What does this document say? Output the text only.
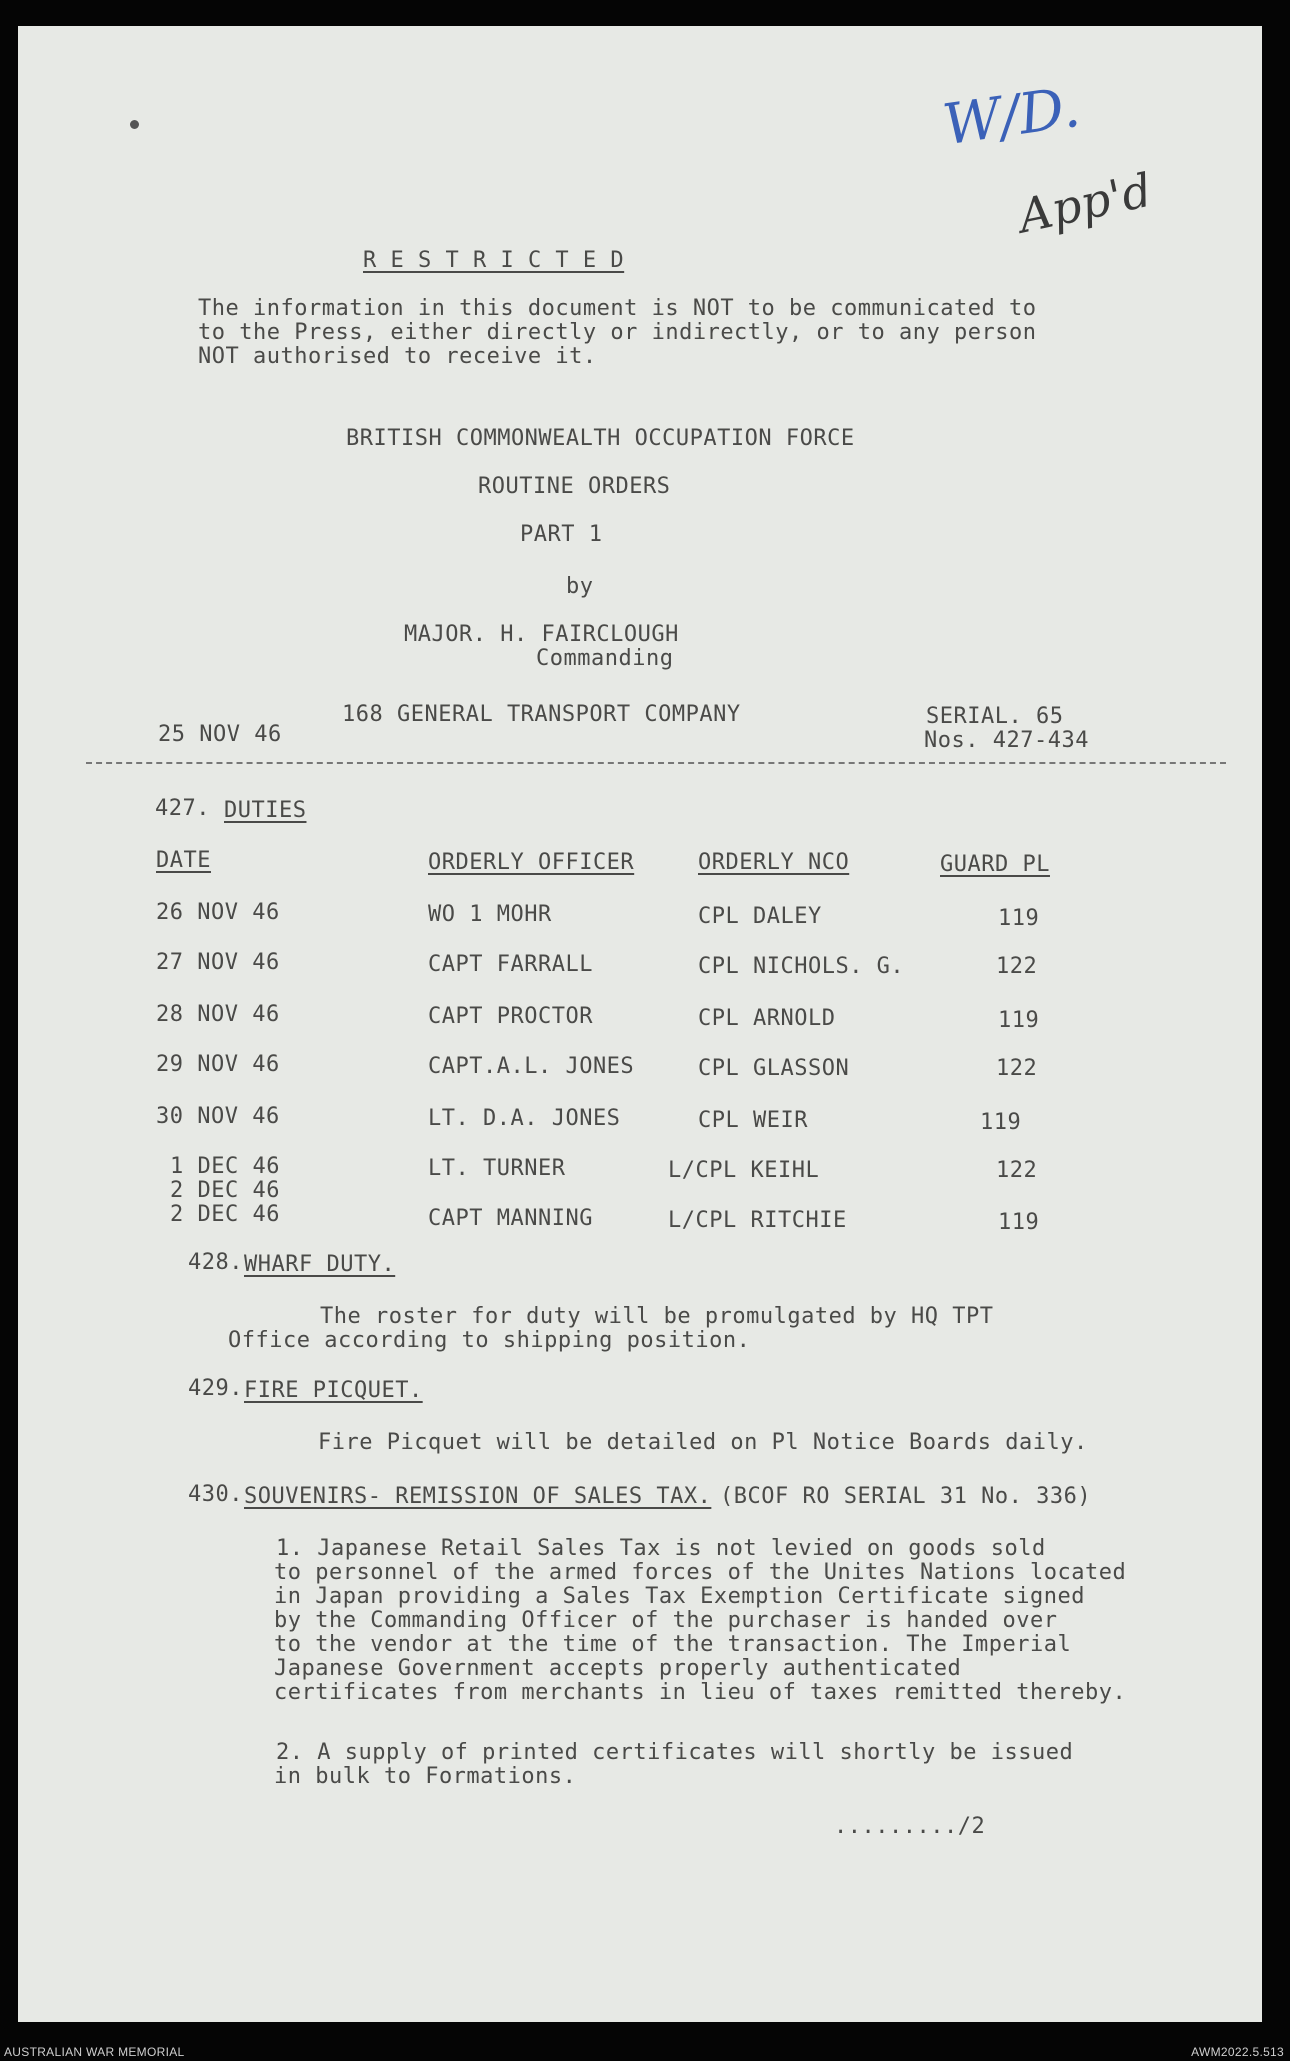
W/D.
App'd
R E S T R I C T E D
The information in this document is NOT to be communicated to
to the Press, either directly or indirectly, or to any person
NOT authorised to receive it.
BRITISH COMMONWEALTH OCCUPATION FORCE
ROUTINE ORDERS
PART 1
by
MAJOR. H. FAIRCLOUGH
Commanding
25 NOV 46
168 GENERAL TRANSPORT COMPANY	SERIAL. 65
Nos. 427-434
427. DUTIES
DATE	ORDERLY OFFICER	ORDERLY NCO	GUARD PL
26 NOV 46	WO 1 MOHR	CPL DALEY	119
27 NOV 46	CAPT FARRALL	CPL NICHOLS. G.	122
28 NOV 46	CAPT PROCTOR	CPL ARNOLD	119
29 NOV 46	CAPT.A.L. JONES	CPL GLASSON	122
30 NOV 46	LT. D.A. JONES	CPL WEIR	119
1 DEC 46	LT. TURNER	L/CPL KEIHL	122
2 DEC 46
2 DEC 46	CAPT MANNING	L/CPL RITCHIE	119
428. WHARF DUTY.
The roster for duty will be promulgated by HQ TPT
Office according to shipping position.
429. FIRE PICQUET.
Fire Picquet will be detailed on Pl Notice Boards daily.
430. SOUVENIRS- REMISSION OF SALES TAX. (BCOF RO SERIAL 31 No. 336)
1. Japanese Retail Sales Tax is not levied on goods sold
to personnel of the armed forces of the Unites Nations located
in Japan providing a Sales Tax Exemption Certificate signed
by the Commanding Officer of the purchaser is handed over
to the vendor at the time of the transaction. The Imperial
Japanese Government accepts properly authenticated
certificates from merchants in lieu of taxes remitted thereby.
2. A supply of printed certificates will shortly be issued
in bulk to Formations.
........./2
AUSTRALIAN WAR MEMORIAL	AWM2022.5.513
